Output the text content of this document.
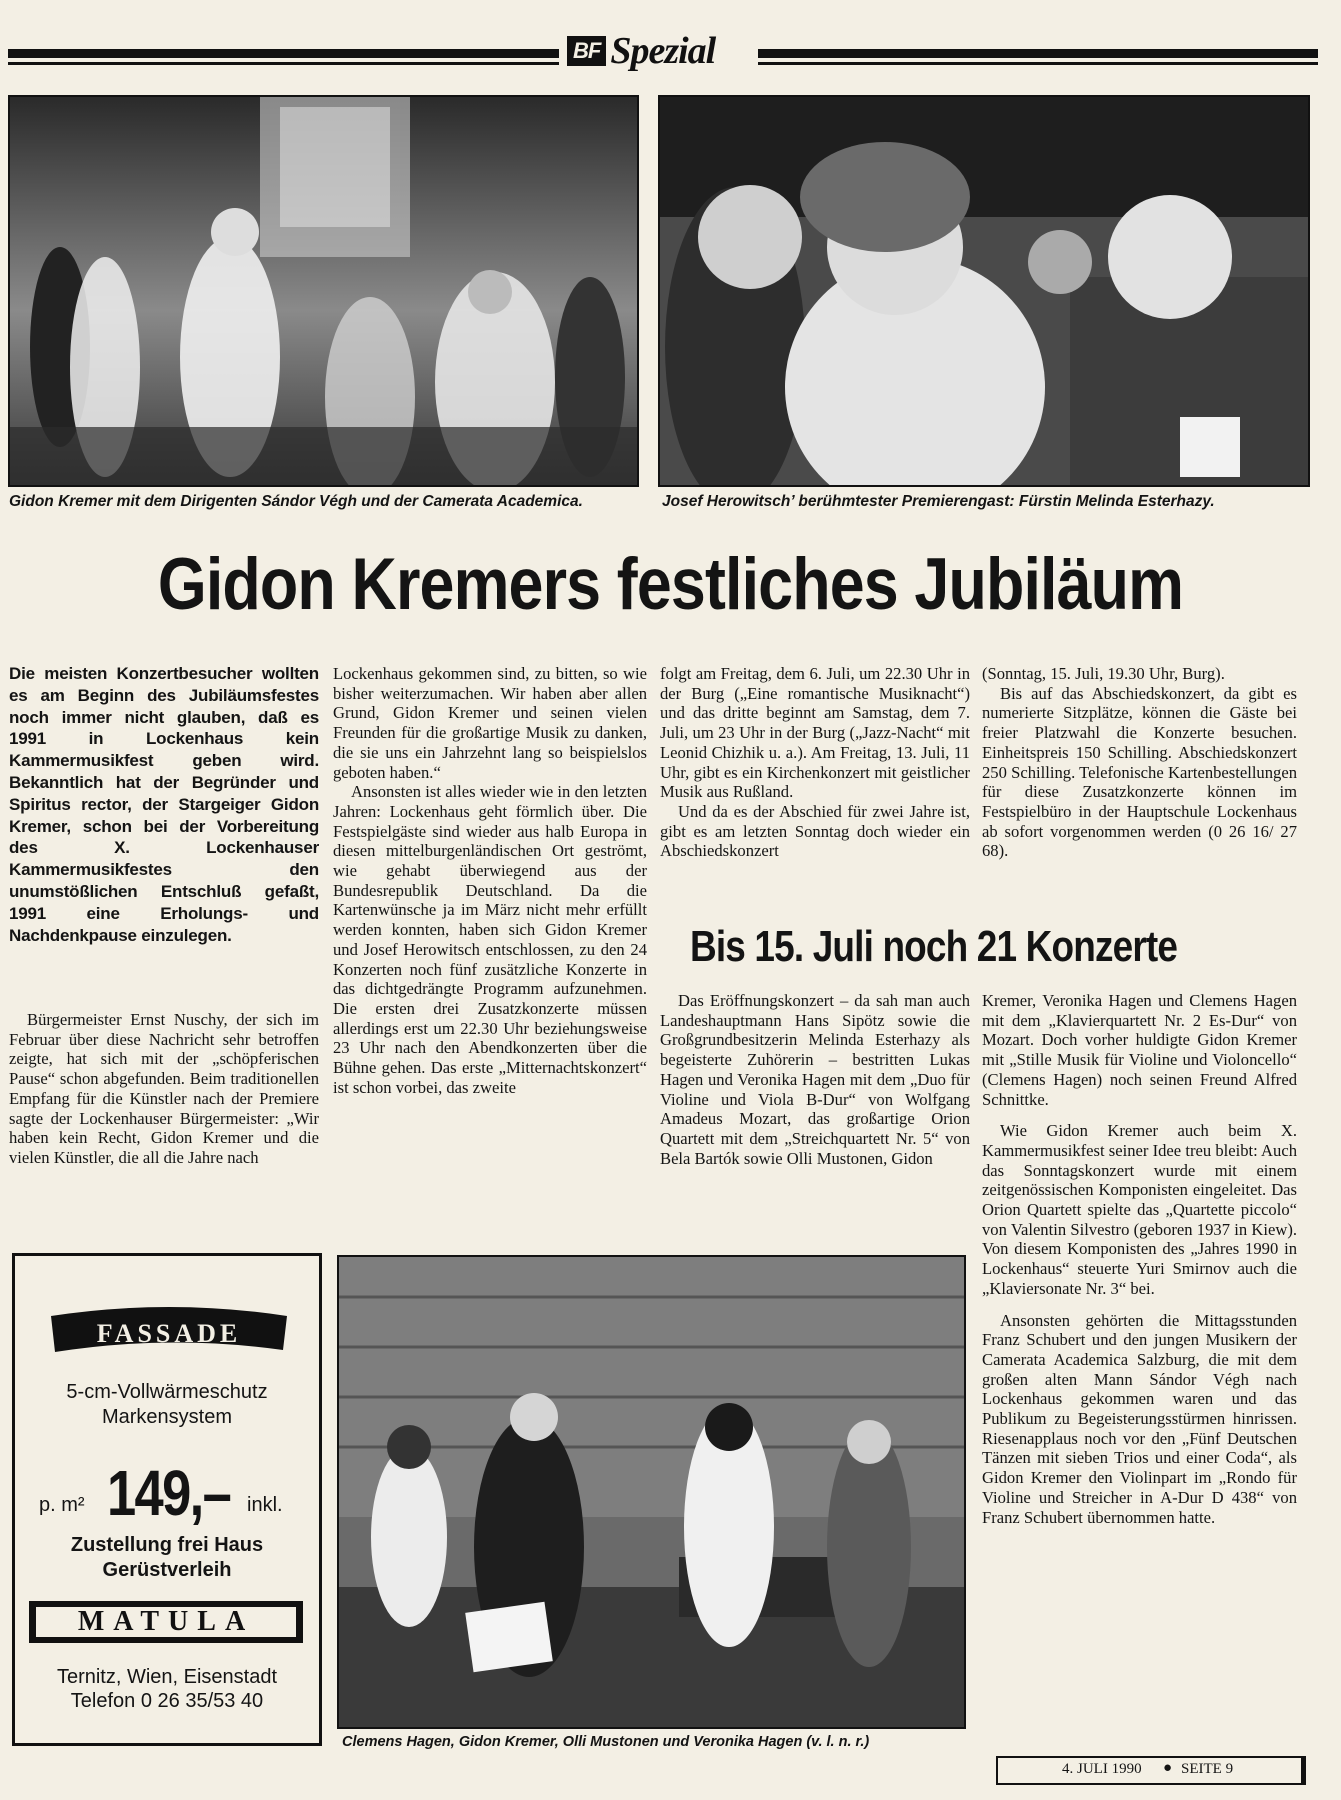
BF Spezial
Gidon Kremer mit dem Dirigenten Sándor Végh und der Camerata Academica.	Josef Herowitsch’ berühmtester Premierengast: Fürstin Melinda Esterhazy.
Gidon Kremers festliches Jubiläum
Die meisten Konzertbesucher wollten es am Beginn des Jubiläumsfestes noch immer nicht glauben, daß es 1991 in Lockenhaus kein Kammermusikfest geben wird. Bekanntlich hat der Begründer und Spiritus rector, der Stargeiger Gidon Kremer, schon bei der Vorbereitung des X. Lockenhauser Kammermusikfestes den unumstößlichen Entschluß gefaßt, 1991 eine Erholungs- und Nachdenkpause einzulegen.

Bürgermeister Ernst Nuschy, der sich im Februar über diese Nachricht sehr betroffen zeigte, hat sich mit der „schöpferischen Pause“ schon abgefunden. Beim traditionellen Empfang für die Künstler nach der Premiere sagte der Lockenhauser Bürgermeister: „Wir haben kein Recht, Gidon Kremer und die vielen Künstler, die all die Jahre nach

Lockenhaus gekommen sind, zu bitten, so wie bisher weiterzumachen. Wir haben aber allen Grund, Gidon Kremer und seinen vielen Freunden für die großartige Musik zu danken, die sie uns ein Jahrzehnt lang so beispielslos geboten haben.“

Ansonsten ist alles wieder wie in den letzten Jahren: Lockenhaus geht förmlich über. Die Festspielgäste sind wieder aus halb Europa in diesen mittelburgenländischen Ort geströmt, wie gehabt überwiegend aus der Bundesrepublik Deutschland. Da die Kartenwünsche ja im März nicht mehr erfüllt werden konnten, haben sich Gidon Kremer und Josef Herowitsch entschlossen, zu den 24 Konzerten noch fünf zusätzliche Konzerte in das dichtgedrängte Programm aufzunehmen. Die ersten drei Zusatzkonzerte müssen allerdings erst um 22.30 Uhr beziehungsweise 23 Uhr nach den Abendkonzerten über die Bühne gehen. Das erste „Mitternachtskonzert“ ist schon vorbei, das zweite

folgt am Freitag, dem 6. Juli, um 22.30 Uhr in der Burg („Eine romantische Musiknacht“) und das dritte beginnt am Samstag, dem 7. Juli, um 23 Uhr in der Burg („Jazz-Nacht“ mit Leonid Chizhik u. a.). Am Freitag, 13. Juli, 11 Uhr, gibt es ein Kirchenkonzert mit geistlicher Musik aus Rußland.

Und da es der Abschied für zwei Jahre ist, gibt es am letzten Sonntag doch wieder ein Abschiedskonzert

(Sonntag, 15. Juli, 19.30 Uhr, Burg).

Bis auf das Abschiedskonzert, da gibt es numerierte Sitzplätze, können die Gäste bei freier Platzwahl die Konzerte besuchen. Einheitspreis 150 Schilling. Abschiedskonzert 250 Schilling. Telefonische Kartenbestellungen für diese Zusatzkonzerte können im Festspielbüro in der Hauptschule Lockenhaus ab sofort vorgenommen werden (0 26 16/ 27 68).

Bis 15. Juli noch 21 Konzerte

Das Eröffnungskonzert – da sah man auch Landeshauptmann Hans Sipötz sowie die Großgrundbesitzerin Melinda Esterhazy als begeisterte Zuhörerin – bestritten Lukas Hagen und Veronika Hagen mit dem „Duo für Violine und Viola B-Dur“ von Wolfgang Amadeus Mozart, das großartige Orion Quartett mit dem „Streichquartett Nr. 5“ von Bela Bartók sowie Olli Mustonen, Gidon

Kremer, Veronika Hagen und Clemens Hagen mit dem „Klavierquartett Nr. 2 Es-Dur“ von Mozart. Doch vorher huldigte Gidon Kremer mit „Stille Musik für Violine und Violoncello“ (Clemens Hagen) noch seinen Freund Alfred Schnittke.

Wie Gidon Kremer auch beim X. Kammermusikfest seiner Idee treu bleibt: Auch das Sonntagskonzert wurde mit einem zeitgenössischen Komponisten eingeleitet. Das Orion Quartett spielte das „Quartette piccolo“ von Valentin Silvestro (geboren 1937 in Kiew). Von diesem Komponisten des „Jahres 1990 in Lockenhaus“ steuerte Yuri Smirnov auch die „Klaviersonate Nr. 3“ bei.

Ansonsten gehörten die Mittagsstunden Franz Schubert und den jungen Musikern der Camerata Academica Salzburg, die mit dem großen alten Mann Sándor Végh nach Lockenhaus gekommen waren und das Publikum zu Begeisterungsstürmen hinrissen. Riesenapplaus noch vor den „Fünf Deutschen Tänzen mit sieben Trios und einer Coda“, als Gidon Kremer den Violinpart im „Rondo für Violine und Streicher in A-Dur D 438“ von Franz Schubert übernommen hatte.

Clemens Hagen, Gidon Kremer, Olli Mustonen und Veronika Hagen (v. l. n. r.)
FASSADE
5-cm-Vollwärmeschutz
Markensystem
p. m² 149,– inkl.
Zustellung frei Haus
Gerüstverleih
MATULA
Ternitz, Wien, Eisenstadt
Telefon 0 26 35/53 40
4. JULI 1990 ● SEITE 9
